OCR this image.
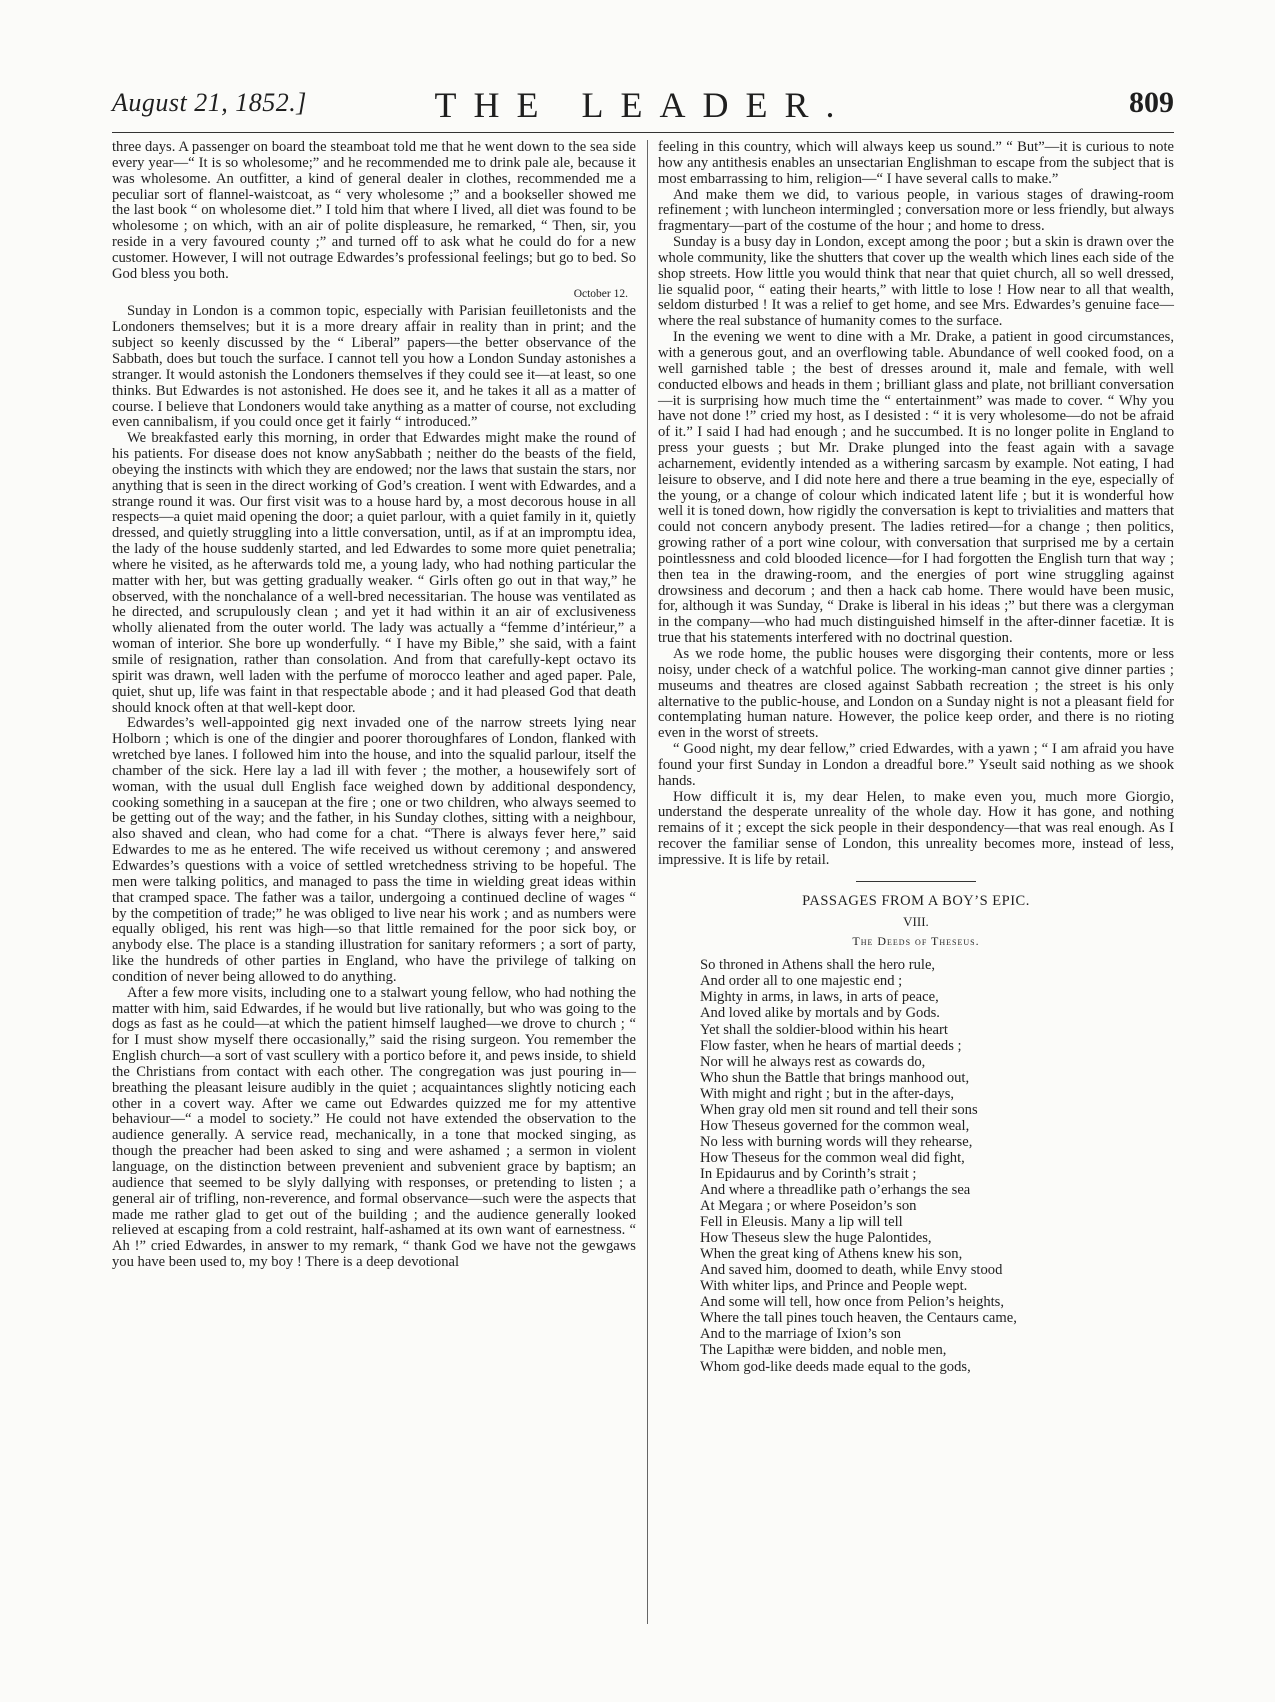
August 21, 1852.]	THE LEADER.	809

three days. A passenger on board the steamboat told me that he went down to the sea side every year—“ It is so wholesome;” and he recommended me to drink pale ale, because it was wholesome. An outfitter, a kind of general dealer in clothes, recommended me a peculiar sort of flannel-waistcoat, as “ very wholesome ;” and a bookseller showed me the last book “ on wholesome diet.” I told him that where I lived, all diet was found to be wholesome ; on which, with an air of polite displeasure, he remarked, “ Then, sir, you reside in a very favoured county ;” and turned off to ask what he could do for a new customer. However, I will not outrage Edwardes’s professional feelings; but go to bed. So God bless you both.

October 12.

Sunday in London is a common topic, especially with Parisian feuilletonists and the Londoners themselves; but it is a more dreary affair in reality than in print; and the subject so keenly discussed by the “ Liberal” papers—the better observance of the Sabbath, does but touch the surface. I cannot tell you how a London Sunday astonishes a stranger. It would astonish the Londoners themselves if they could see it—at least, so one thinks. But Edwardes is not astonished. He does see it, and he takes it all as a matter of course. I believe that Londoners would take anything as a matter of course, not excluding even cannibalism, if you could once get it fairly “ introduced.”

We breakfasted early this morning, in order that Edwardes might make the round of his patients. For disease does not know anySabbath ; neither do the beasts of the field, obeying the instincts with which they are endowed; nor the laws that sustain the stars, nor anything that is seen in the direct working of God’s creation. I went with Edwardes, and a strange round it was. Our first visit was to a house hard by, a most decorous house in all respects—a quiet maid opening the door; a quiet parlour, with a quiet family in it, quietly dressed, and quietly struggling into a little conversation, until, as if at an impromptu idea, the lady of the house suddenly started, and led Edwardes to some more quiet penetralia; where he visited, as he afterwards told me, a young lady, who had nothing particular the matter with her, but was getting gradually weaker. “ Girls often go out in that way,” he observed, with the nonchalance of a well-bred necessitarian. The house was ventilated as he directed, and scrupulously clean ; and yet it had within it an air of exclusiveness wholly alienated from the outer world. The lady was actually a “femme d’intérieur,” a woman of interior. She bore up wonderfully. “ I have my Bible,” she said, with a faint smile of resignation, rather than consolation. And from that carefully-kept octavo its spirit was drawn, well laden with the perfume of morocco leather and aged paper. Pale, quiet, shut up, life was faint in that respectable abode ; and it had pleased God that death should knock often at that well-kept door.

Edwardes’s well-appointed gig next invaded one of the narrow streets lying near Holborn ; which is one of the dingier and poorer thoroughfares of London, flanked with wretched bye lanes. I followed him into the house, and into the squalid parlour, itself the chamber of the sick. Here lay a lad ill with fever ; the mother, a housewifely sort of woman, with the usual dull English face weighed down by additional despondency, cooking something in a saucepan at the fire ; one or two children, who always seemed to be getting out of the way; and the father, in his Sunday clothes, sitting with a neighbour, also shaved and clean, who had come for a chat. “There is always fever here,” said Edwardes to me as he entered. The wife received us without ceremony ; and answered Edwardes’s questions with a voice of settled wretchedness striving to be hopeful. The men were talking politics, and managed to pass the time in wielding great ideas within that cramped space. The father was a tailor, undergoing a continued decline of wages “ by the competition of trade;” he was obliged to live near his work ; and as numbers were equally obliged, his rent was high—so that little remained for the poor sick boy, or anybody else. The place is a standing illustration for sanitary reformers ; a sort of party, like the hundreds of other parties in England, who have the privilege of talking on condition of never being allowed to do anything.

After a few more visits, including one to a stalwart young fellow, who had nothing the matter with him, said Edwardes, if he would but live rationally, but who was going to the dogs as fast as he could—at which the patient himself laughed—we drove to church ; “ for I must show myself there occasionally,” said the rising surgeon. You remember the English church—a sort of vast scullery with a portico before it, and pews inside, to shield the Christians from contact with each other. The congregation was just pouring in—breathing the pleasant leisure audibly in the quiet ; acquaintances slightly noticing each other in a covert way. After we came out Edwardes quizzed me for my attentive behaviour—“ a model to society.” He could not have extended the observation to the audience generally. A service read, mechanically, in a tone that mocked singing, as though the preacher had been asked to sing and were ashamed ; a sermon in violent language, on the distinction between prevenient and subvenient grace by baptism; an audience that seemed to be slyly dallying with responses, or pretending to listen ; a general air of trifling, non-reverence, and formal observance—such were the aspects that made me rather glad to get out of the building ; and the audience generally looked relieved at escaping from a cold restraint, half-ashamed at its own want of earnestness. “ Ah !” cried Edwardes, in answer to my remark, “ thank God we have not the gewgaws you have been used to, my boy ! There is a deep devotional

feeling in this country, which will always keep us sound.” “ But”—it is curious to note how any antithesis enables an unsectarian Englishman to escape from the subject that is most embarrassing to him, religion—“ I have several calls to make.”

And make them we did, to various people, in various stages of drawing-room refinement ; with luncheon intermingled ; conversation more or less friendly, but always fragmentary—part of the costume of the hour ; and home to dress.

Sunday is a busy day in London, except among the poor ; but a skin is drawn over the whole community, like the shutters that cover up the wealth which lines each side of the shop streets. How little you would think that near that quiet church, all so well dressed, lie squalid poor, “ eating their hearts,” with little to lose ! How near to all that wealth, seldom disturbed ! It was a relief to get home, and see Mrs. Edwardes’s genuine face—where the real substance of humanity comes to the surface.

In the evening we went to dine with a Mr. Drake, a patient in good circumstances, with a generous gout, and an overflowing table. Abundance of well cooked food, on a well garnished table ; the best of dresses around it, male and female, with well conducted elbows and heads in them ; brilliant glass and plate, not brilliant conversation—it is surprising how much time the “ entertainment” was made to cover. “ Why you have not done !” cried my host, as I desisted : “ it is very wholesome—do not be afraid of it.” I said I had had enough ; and he succumbed. It is no longer polite in England to press your guests ; but Mr. Drake plunged into the feast again with a savage acharnement, evidently intended as a withering sarcasm by example. Not eating, I had leisure to observe, and I did note here and there a true beaming in the eye, especially of the young, or a change of colour which indicated latent life ; but it is wonderful how well it is toned down, how rigidly the conversation is kept to trivialities and matters that could not concern anybody present. The ladies retired—for a change ; then politics, growing rather of a port wine colour, with conversation that surprised me by a certain pointlessness and cold blooded licence—for I had forgotten the English turn that way ; then tea in the drawing-room, and the energies of port wine struggling against drowsiness and decorum ; and then a hack cab home. There would have been music, for, although it was Sunday, “ Drake is liberal in his ideas ;” but there was a clergyman in the company—who had much distinguished himself in the after-dinner facetiæ. It is true that his statements interfered with no doctrinal question.

As we rode home, the public houses were disgorging their contents, more or less noisy, under check of a watchful police. The working-man cannot give dinner parties ; museums and theatres are closed against Sabbath recreation ; the street is his only alternative to the public-house, and London on a Sunday night is not a pleasant field for contemplating human nature. However, the police keep order, and there is no rioting even in the worst of streets.

“ Good night, my dear fellow,” cried Edwardes, with a yawn ; “ I am afraid you have found your first Sunday in London a dreadful bore.” Yseult said nothing as we shook hands.

How difficult it is, my dear Helen, to make even you, much more Giorgio, understand the desperate unreality of the whole day. How it has gone, and nothing remains of it ; except the sick people in their despondency—that was real enough. As I recover the familiar sense of London, this unreality becomes more, instead of less, impressive. It is life by retail.

PASSAGES FROM A BOY’S EPIC.
VIII.
The Deeds of Theseus.
So throned in Athens shall the hero rule,
And order all to one majestic end ;
Mighty in arms, in laws, in arts of peace,
And loved alike by mortals and by Gods.
Yet shall the soldier-blood within his heart
Flow faster, when he hears of martial deeds ;
Nor will he always rest as cowards do,
Who shun the Battle that brings manhood out,
With might and right ; but in the after-days,
When gray old men sit round and tell their sons
How Theseus governed for the common weal,
No less with burning words will they rehearse,
How Theseus for the common weal did fight,
In Epidaurus and by Corinth’s strait ;
And where a threadlike path o’erhangs the sea
At Megara ; or where Poseidon’s son
Fell in Eleusis. Many a lip will tell
How Theseus slew the huge Palontides,
When the great king of Athens knew his son,
And saved him, doomed to death, while Envy stood
With whiter lips, and Prince and People wept.
And some will tell, how once from Pelion’s heights,
Where the tall pines touch heaven, the Centaurs came,
And to the marriage of Ixion’s son
The Lapithæ were bidden, and noble men,
Whom god-like deeds made equal to the gods,
